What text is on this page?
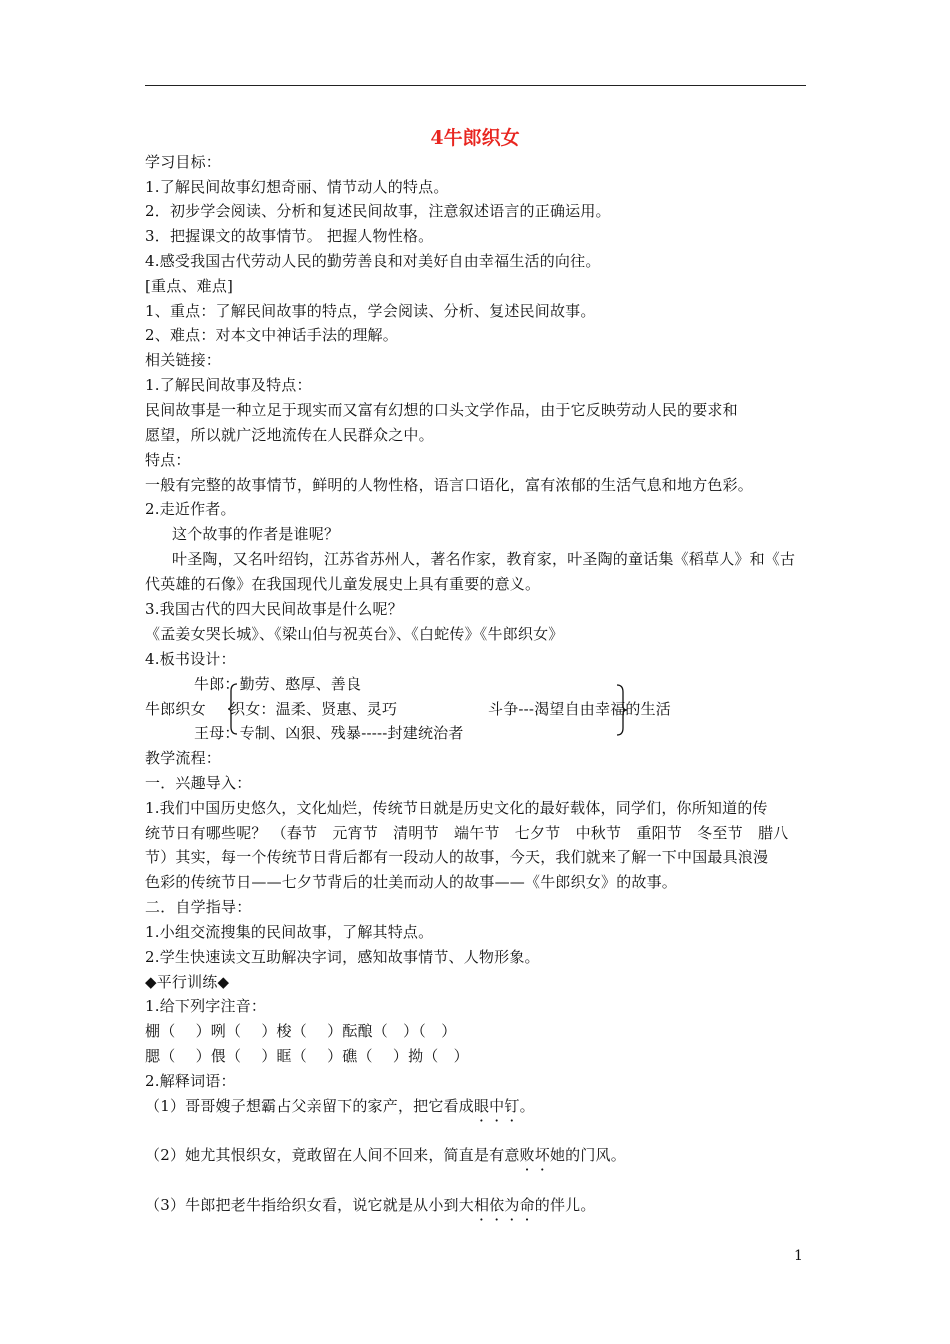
4牛郎织女
学习目标：
1.了解民间故事幻想奇丽、情节动人的特点。
2．初步学会阅读、分析和复述民间故事，注意叙述语言的正确运用。
3．把握课文的故事情节。 把握人物性格。
4.感受我国古代劳动人民的勤劳善良和对美好自由幸福生活的向往。
[重点、难点]
1、重点：了解民间故事的特点，学会阅读、分析、复述民间故事。
2、难点：对本文中神话手法的理解。
相关链接：
1.了解民间故事及特点：
民间故事是一种立足于现实而又富有幻想的口头文学作品，由于它反映劳动人民的要求和
愿望，所以就广泛地流传在人民群众之中。
特点：
一般有完整的故事情节，鲜明的人物性格，语言口语化，富有浓郁的生活气息和地方色彩。
2.走近作者。
这个故事的作者是谁呢？
叶圣陶，又名叶绍钧，江苏省苏州人，著名作家，教育家，叶圣陶的童话集《稻草人》和《古
代英雄的石像》在我国现代儿童发展史上具有重要的意义。
3.我国古代的四大民间故事是什么呢？
《孟姜女哭长城》、《梁山伯与祝英台》、《白蛇传》《牛郎织女》
4.板书设计：
牛郎：勤劳、憨厚、善良
牛郎织女 织女：温柔、贤惠、灵巧	斗争---渴望自由幸福的生活
王母：专制、凶狠、残暴-----封建统治者
教学流程：
一．兴趣导入：
1.我们中国历史悠久，文化灿烂，传统节日就是历史文化的最好载体，同学们，你所知道的传
统节日有哪些呢？ （春节　元宵节　清明节　端午节　七夕节　中秋节　重阳节　冬至节　腊八
节）其实，每一个传统节日背后都有一段动人的故事，今天，我们就来了解一下中国最具浪漫
色彩的传统节日——七夕节背后的壮美而动人的故事——《牛郎织女》的故事。
二．自学指导：
1.小组交流搜集的民间故事，了解其特点。
2.学生快速读文互助解决字词，感知故事情节、人物形象。
◆平行训练◆
1.给下列字注音：
棚（　 ）咧（　 ）梭（　 ）酝酿（　）（　）
腮（　 ）偎（　 ）眶（　 ）礁（　 ）拗（　）
2.解释词语：
（1）哥哥嫂子想霸占父亲留下的家产，把它看成眼中钉。
（2）她尤其恨织女，竟敢留在人间不回来，简直是有意败坏她的门风。
（3）牛郎把老牛指给织女看，说它就是从小到大相依为命的伴儿。
1
